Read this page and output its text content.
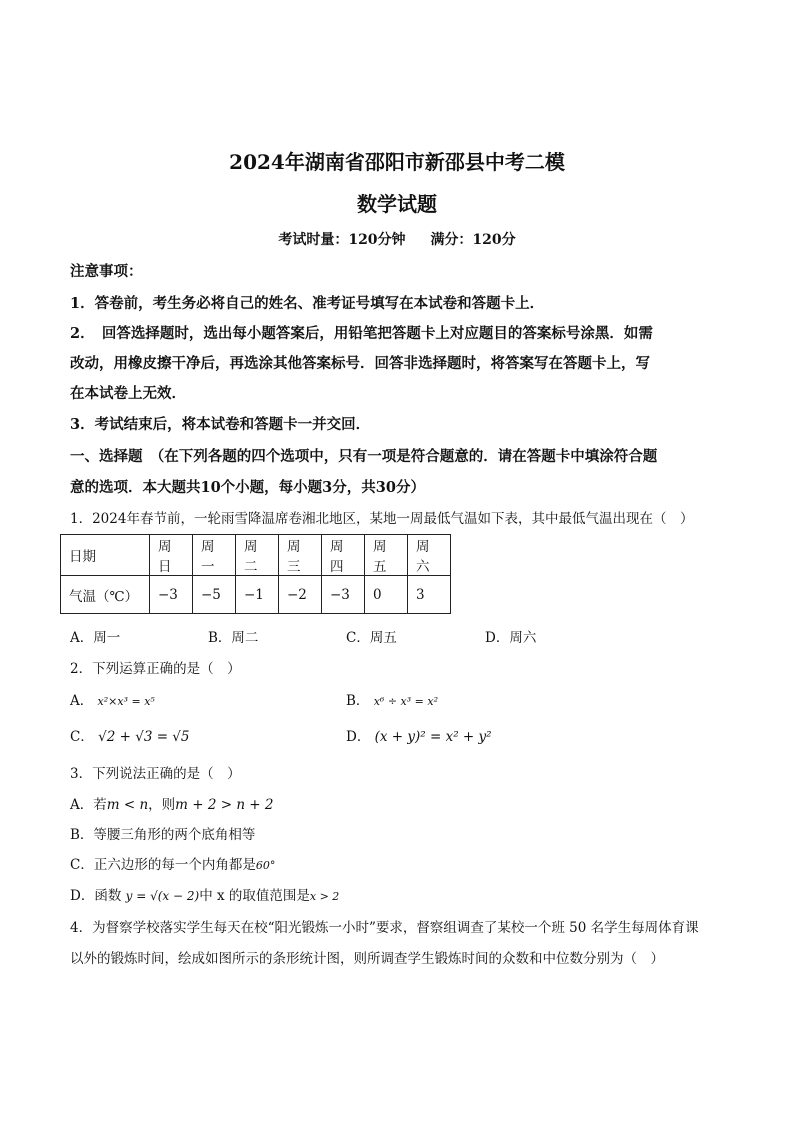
2024年湖南省邵阳市新邵县中考二模
数学试题
考试时量：120分钟 满分：120分
注意事项：
1．答卷前，考生务必将自己的姓名、准考证号填写在本试卷和答题卡上．
2．　回答选择题时，选出每小题答案后，用铅笔把答题卡上对应题目的答案标号涂黑．如需
改动，用橡皮擦干净后，再选涂其他答案标号．回答非选择题时，将答案写在答题卡上，写
在本试卷上无效．
3．考试结束后，将本试卷和答题卡一并交回．
一、选择题　（在下列各题的四个选项中，只有一项是符合题意的．请在答题卡中填涂符合题
意的选项．本大题共10个小题，每小题3分，共30分）
1．2024年春节前，一轮雨雪降温席卷湘北地区，某地一周最低气温如下表，其中最低气温出现在（　）
日期	周日	周一	周二	周三	周四	周五	周六
气温（℃）	−3	−5	−1	−2	−3	0	3
A．周一	B．周二	C．周五	D．周六
2．下列运算正确的是（　）
A． x²×x³ = x⁵	B． x⁶ ÷ x³ = x²
C． √2 + √3 = √5	D． (x + y)² = x² + y²
3．下列说法正确的是（　）
A．若m < n，则m + 2 > n + 2
B．等腰三角形的两个底角相等
C．正六边形的每一个内角都是60°
D．函数 y = √(x − 2)中 x 的取值范围是x > 2
4．为督察学校落实学生每天在校“阳光锻炼一小时”要求，督察组调查了某校一个班 50 名学生每周体育课
以外的锻炼时间，绘成如图所示的条形统计图，则所调查学生锻炼时间的众数和中位数分别为（　）
